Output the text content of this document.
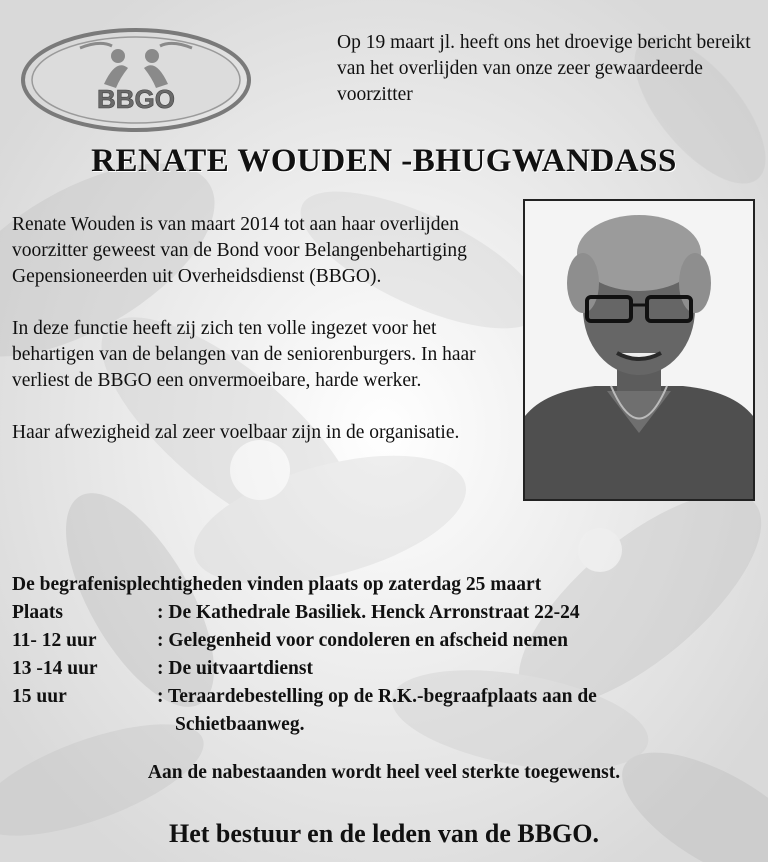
BBGO
Op 19 maart jl. heeft ons het droevige bericht bereikt van het overlijden van onze zeer gewaardeerde voorzitter
RENATE WOUDEN -BHUGWANDASS

Renate Wouden is van maart 2014 tot aan haar overlijden voorzitter geweest van de Bond voor Belangenbehartiging Gepensioneerden uit Overheidsdienst (BBGO).

In deze functie heeft zij zich ten volle ingezet voor het behartigen van de belangen van de seniorenburgers. In haar verliest de BBGO een onvermoeibare, harde werker.

Haar afwezigheid zal zeer voelbaar zijn in de organisatie.

De begrafenisplechtigheden vinden plaats op zaterdag 25 maart
Plaats	: De Kathedrale Basiliek. Henck Arronstraat 22-24
11- 12 uur	: Gelegenheid voor condoleren en afscheid nemen
13 -14 uur	: De uitvaartdienst
15 uur	: Teraardebestelling op de R.K.-begraafplaats aan de
Schietbaanweg.
Aan de nabestaanden wordt heel veel sterkte toegewenst.
Het bestuur en de leden van de BBGO.
